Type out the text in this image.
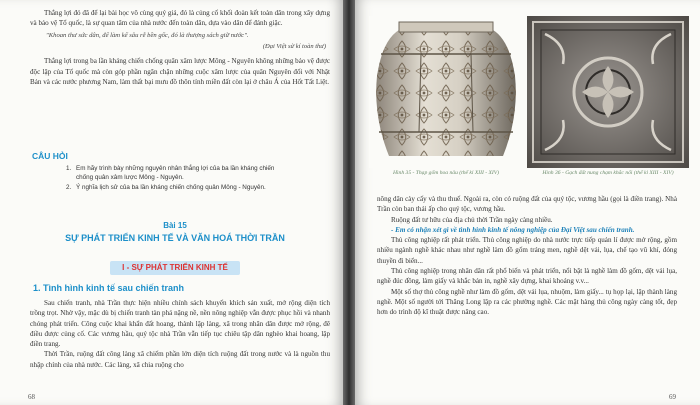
Thắng lợi đó đã để lại bài học vô cùng quý giá, đó là củng cố khối đoàn kết toàn dân trong xây dựng và bảo vệ Tổ quốc, là sự quan tâm của nhà nước đến toàn dân, dựa vào dân để đánh giặc.

"Khoan thư sức dân, để làm kế sâu rễ bền gốc, đó là thượng sách giữ nước".

(Đại Việt sử kí toàn thư)

Thắng lợi trong ba lần kháng chiến chống quân xâm lược Mông - Nguyên không những bảo vệ được độc lập của Tổ quốc mà còn góp phần ngăn chặn những cuộc xâm lược của quân Nguyên đối với Nhật Bản và các nước phương Nam, làm thất bại mưu đồ thôn tính miền đất còn lại ở châu Á của Hốt Tất Liệt.

CÂU HỎI
1. Em hãy trình bày những nguyên nhân thắng lợi của ba lần kháng chiến chống quân xâm lược Mông - Nguyên.
2. Ý nghĩa lịch sử của ba lần kháng chiến chống quân Mông - Nguyên.
Bài 15
SỰ PHÁT TRIỂN KINH TẾ VÀ VĂN HOÁ THỜI TRẦN
I - SỰ PHÁT TRIỂN KINH TẾ
1. Tình hình kinh tế sau chiến tranh

Sau chiến tranh, nhà Trần thực hiện nhiều chính sách khuyến khích sản xuất, mở rộng diện tích trồng trọt. Nhờ vậy, mặc dù bị chiến tranh tàn phá nặng nề, nền nông nghiệp vẫn được phục hồi và nhanh chóng phát triển. Công cuộc khai khẩn đất hoang, thành lập làng, xã trong nhân dân được mở rộng, đê điều được củng cố. Các vương hầu, quý tộc nhà Trần vẫn tiếp tục chiêu tập dân nghèo khai hoang, lập điền trang.

Thời Trần, ruộng đất công làng xã chiếm phần lớn diện tích ruộng đất trong nước và là nguồn thu nhập chính của nhà nước. Các làng, xã chia ruộng cho

68
Hình 35 - Thạp gốm hoa nâu (thế kỉ XIII - XIV)	Hình 36 - Gạch đất nung chạm khắc nổi (thế kỉ XIII - XIV)

nông dân cày cấy và thu thuế. Ngoài ra, còn có ruộng đất của quý tộc, vương hầu (gọi là điền trang). Nhà Trần còn ban thái ấp cho quý tộc, vương hầu.

Ruộng đất tư hữu của địa chủ thời Trần ngày càng nhiều.

- Em có nhận xét gì về tình hình kinh tế nông nghiệp của Đại Việt sau chiến tranh.

Thủ công nghiệp rất phát triển. Thủ công nghiệp do nhà nước trực tiếp quản lí được mở rộng, gồm nhiều ngành nghề khác nhau như nghề làm đồ gốm tráng men, nghề dệt vải, lụa, chế tạo vũ khí, đóng thuyền đi biển...

Thủ công nghiệp trong nhân dân rất phổ biến và phát triển, nổi bật là nghề làm đồ gốm, dệt vải lụa, nghề đúc đồng, làm giấy và khắc bản in, nghề xây dựng, khai khoáng v.v...

Một số thợ thủ công nghề như làm đồ gốm, dệt vải lụa, nhuộm, làm giấy... tụ họp lại, lập thành làng nghề. Một số người tới Thăng Long lập ra các phường nghề. Các mặt hàng thủ công ngày càng tốt, đẹp hơn do trình độ kĩ thuật được nâng cao.

69
